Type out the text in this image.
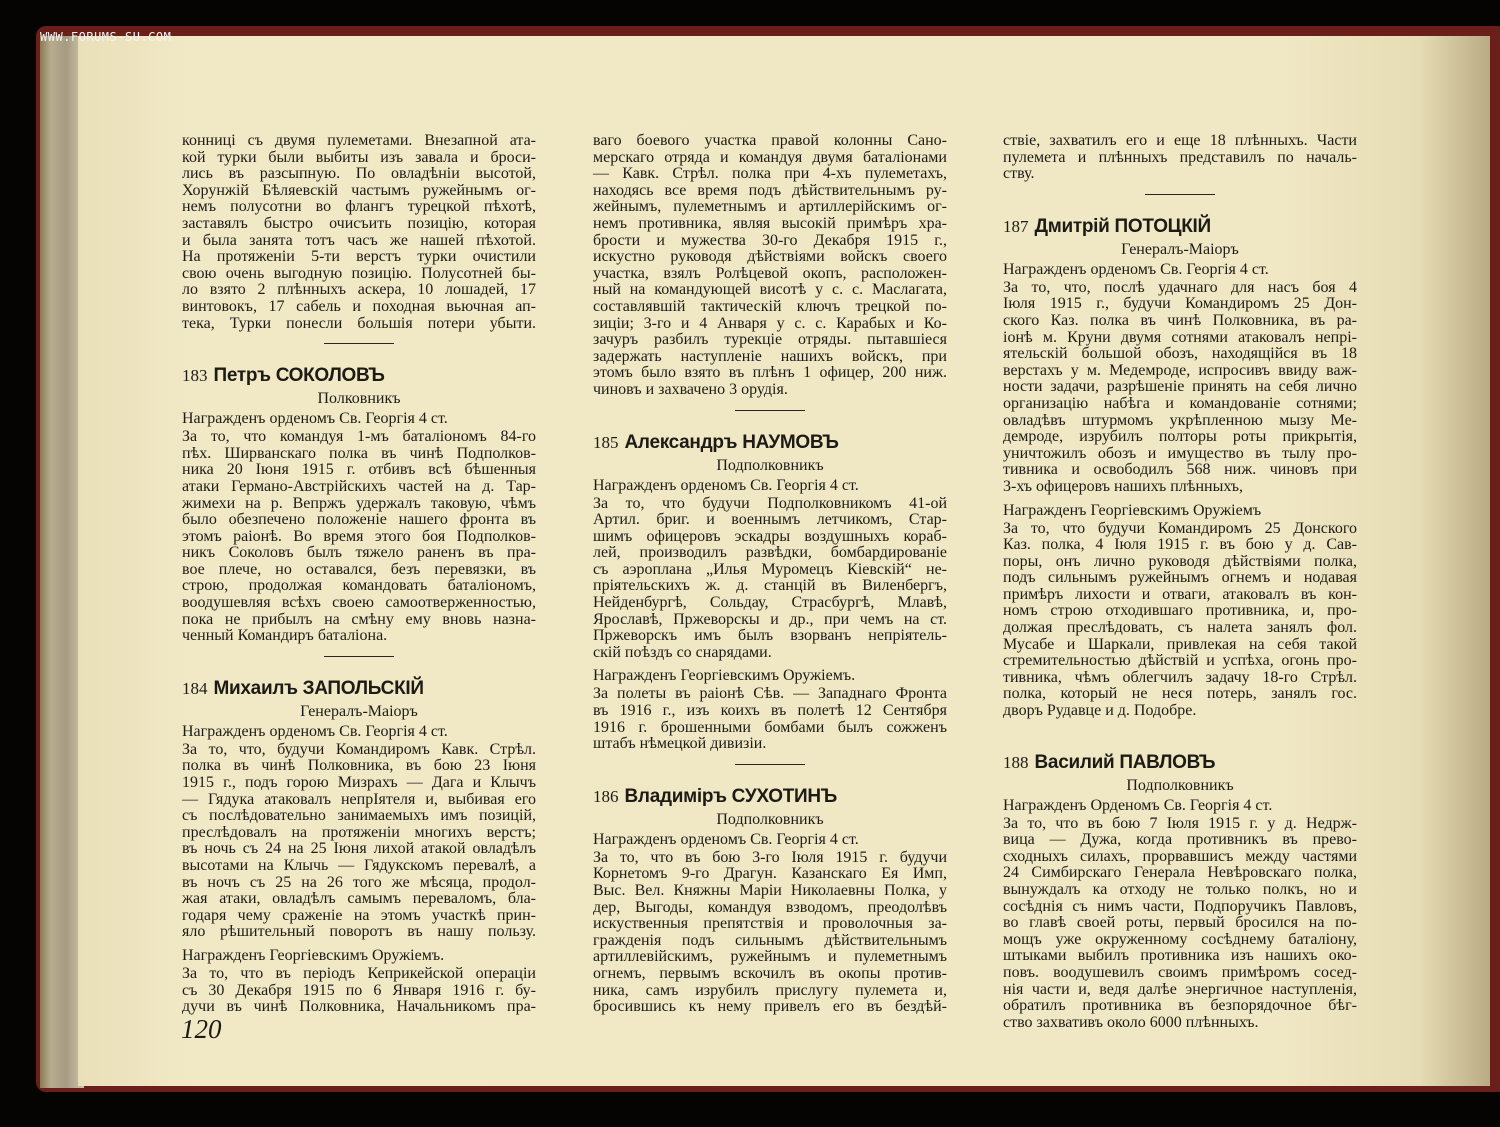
WWW.FORUMS-SU.COM
конниці съ двумя пулеметами. Внезапной ата-
кой турки были выбиты изъ завала и броси-
лись въ разсыпную. По овладѣніи высотой,
Хорунжій Бѣляевскій частымъ ружейнымъ ог-
немъ полусотни во флангъ турецкой пѣхотѣ,
заставялъ быстро очисъить позицію, которая
и была занята тотъ часъ же нашей пѣхотой.
На протяженіи 5-ти верстъ турки очистили
свою очень выгодную позицію. Полусотней бы-
ло взято 2 плѣнныхъ аскера, 10 лошадей, 17
винтовокъ, 17 сабель и походная вьючная ап-
тека, Турки понесли большія потери убыти.
183 Петръ СОКОЛОВЪ
Полковникъ
Награжденъ орденомъ Св. Георгія 4 ст.
За то, что командуя 1-мъ баталіономъ 84-го
пѣх. Ширванскаго полка въ чинѣ Подполков-
ника 20 Іюня 1915 г. отбивъ всѣ бѣшенныя
атаки Германо-Австрійскихъ частей на д. Тар-
жимехи на р. Вепржъ удержалъ таковую, чѣмъ
было обезпечено положеніе нашего фронта въ
этомъ раіонѣ. Во время этого боя Подполков-
никъ Соколовъ былъ тяжело раненъ въ пра-
вое плече, но оставался, безъ перевязки, въ
строю, продолжая командовать баталіономъ,
воодушевляя всѣхъ своею самоотверженностью,
пока не прибылъ на смѣну ему вновь назна-
ченный Командиръ баталіона.
184 Михаилъ ЗАПОЛЬСКІЙ
Генералъ-Маіоръ
Награжденъ орденомъ Св. Георгія 4 ст.
За то, что, будучи Командиромъ Кавк. Стрѣл.
полка въ чинѣ Полковника, въ бою 23 Іюня
1915 г., подъ горою Мизрахъ — Дага и Клычъ
— Гядука атаковалъ непрІятеля и, выбивая его
съ послѣдовательно занимаемыхъ имъ позицій,
преслѣдовалъ на протяженіи многихъ верстъ;
въ ночь съ 24 на 25 Іюня лихой атакой овладѣлъ
высотами на Клычь — Гядукскомъ перевалѣ, а
въ ночъ съ 25 на 26 того же мѣсяца, продол-
жая атаки, овладѣлъ самымъ переваломъ, бла-
годаря чему сраженіе на этомъ участкѣ прин-
яло рѣшительный поворотъ въ нашу пользу.
Награжденъ Георгіевскимъ Оружіемъ.
За то, что въ періодъ Кеприкейской операціи
съ 30 Декабря 1915 по 6 Января 1916 г. бу-
дучи въ чинѣ Полковника, Начальникомъ пра-
ваго боевого участка правой колонны Сано-
мерскаго отряда и командуя двумя баталіонами
— Кавк. Стрѣл. полка при 4-хъ пулеметахъ,
находясь все время подъ дѣйствительнымъ ру-
жейнымъ, пулеметнымъ и артиллерійскимъ ог-
немъ противника, являя высокій примѣръ хра-
брости и мужества 30-го Декабря 1915 г.,
искустно руководя дѣйствіями войскъ своего
участка, взялъ Ролѣцевой окопъ, расположен-
ный на командующей висотѣ у с. с. Маслагата,
составлявшій тактическій ключъ трецкой по-
зиціи; 3-го и 4 Анваря у с. с. Карабых и Ко-
зачуръ разбилъ турекціе отряды. пытавшіеся
задержать наступленіе нашихъ войскъ, при
этомъ было взято въ плѣнъ 1 офицер, 200 ниж.
чиновъ и захвачено 3 орудія.
185 Александръ НАУМОВЪ
Подполковникъ
Награжденъ орденомъ Св. Георгія 4 ст.
За то, что будучи Подполковникомъ 41-ой
Артил. бриг. и военнымъ летчикомъ, Стар-
шимъ офицеровъ эскадры воздушныхъ кораб-
лей, производилъ развѣдки, бомбардированіе
съ аэроплана „Илья Муромецъ Кіевскій“ не-
пріятельскихъ ж. д. станцій въ Виленбергъ,
Нейденбургѣ, Сольдау, Страсбургѣ, Млавѣ,
Ярославѣ, Пржеворскы и др., при чемъ на ст.
Пржеворскъ имъ былъ взорванъ непріятель-
скій поѣздъ со снарядами.
Награжденъ Георгіевскимъ Оружіемъ.
За полеты въ раіонѣ Сѣв. — Западнаго Фронта
въ 1916 г., изъ коихъ въ полетѣ 12 Сентября
1916 г. брошенными бомбами былъ сожженъ
штабъ нѣмецкой дивизіи.
186 Владиміръ СУХОТИНЪ
Подполковникъ
Награжденъ орденомъ Св. Георгія 4 ст.
За то, что въ бою 3-го Іюля 1915 г. будучи
Корнетомъ 9-го Драгун. Казанскаго Ея Имп,
Выс. Вел. Княжны Маріи Николаевны Полка, у
дер, Выгоды, командуя взводомъ, преодолѣвъ
искуственныя препятствія и проволочныя за-
гражденія подъ сильнымъ дѣйствительнымъ
артиллевійскимъ, ружейнымъ и пулеметнымъ
огнемъ, первымъ вскочилъ въ окопы против-
ника, самъ изрубилъ прислугу пулемета и,
бросившись къ нему привелъ его въ бездѣй-
ствіе, захватилъ его и еще 18 плѣнныхъ. Части
пулемета и плѣнныхъ представилъ по началь-
ству.
187 Дмитрій ПОТОЦКІЙ
Генералъ-Маіоръ
Награжденъ орденомъ Св. Георгія 4 ст.
За то, что, послѣ удачнаго для насъ боя 4
Іюля 1915 г., будучи Командиромъ 25 Дон-
ского Каз. полка въ чинѣ Полковника, въ ра-
іонѣ м. Круни двумя сотнями атаковалъ непрі-
ятельскій большой обозъ, находящійся въ 18
верстахъ у м. Медемроде, испросивъ ввиду важ-
ности задачи, разрѣшеніе принять на себя лично
организацію набѣга и командованіе сотнями;
овладѣвъ штурмомъ укрѣпленною мызу Ме-
демроде, изрубилъ полторы роты прикрытія,
уничтожилъ обозъ и имущество въ тылу про-
тивника и освободилъ 568 ниж. чиновъ при
3-хъ офицеровъ нашихъ плѣнныхъ,
Награжденъ Георгіевскимъ Оружіемъ
За то, что будучи Командиромъ 25 Донского
Каз. полка, 4 Іюля 1915 г. въ бою у д. Сав-
поры, онъ лично руководя дѣйствіями полка,
подъ сильнымъ ружейнымъ огнемъ и нодавая
примѣръ лихости и отваги, атаковалъ въ кон-
номъ строю отходившаго противника, и, про-
должая преслѣдовать, съ налета занялъ фол.
Мусабе и Шаркали, привлекая на себя такой
стремительностью дѣйствій и успѣха, огонь про-
тивника, чѣмъ облегчилъ задачу 18-го Стрѣл.
полка, который не неся потерь, занялъ гос.
дворъ Рудавце и д. Подобре.
188 Василий ПАВЛОВЪ
Подполковникъ
Награжденъ Орденомъ Св. Георгія 4 ст.
За то, что въ бою 7 Іюля 1915 г. у д. Недрж-
вица — Дужа, когда противникъ въ прево-
сходныхъ силахъ, прорвавшисъ между частями
24 Симбирскаго Генерала Невѣровскаго полка,
вынуждалъ ка отходу не только полкъ, но и
сосѣднія съ нимъ части, Подпоручикъ Павловъ,
во главѣ своей роты, первый бросился на по-
мощъ уже окруженному сосѣднему баталіону,
штыками выбилъ противника изъ нашихъ око-
повъ. воодушевилъ своимъ примѣромъ сосед-
нія части и, ведя далѣе энергичное наступленія,
обратилъ противника въ безпорядочное бѣг-
ство захвативъ около 6000 плѣнныхъ.
120
